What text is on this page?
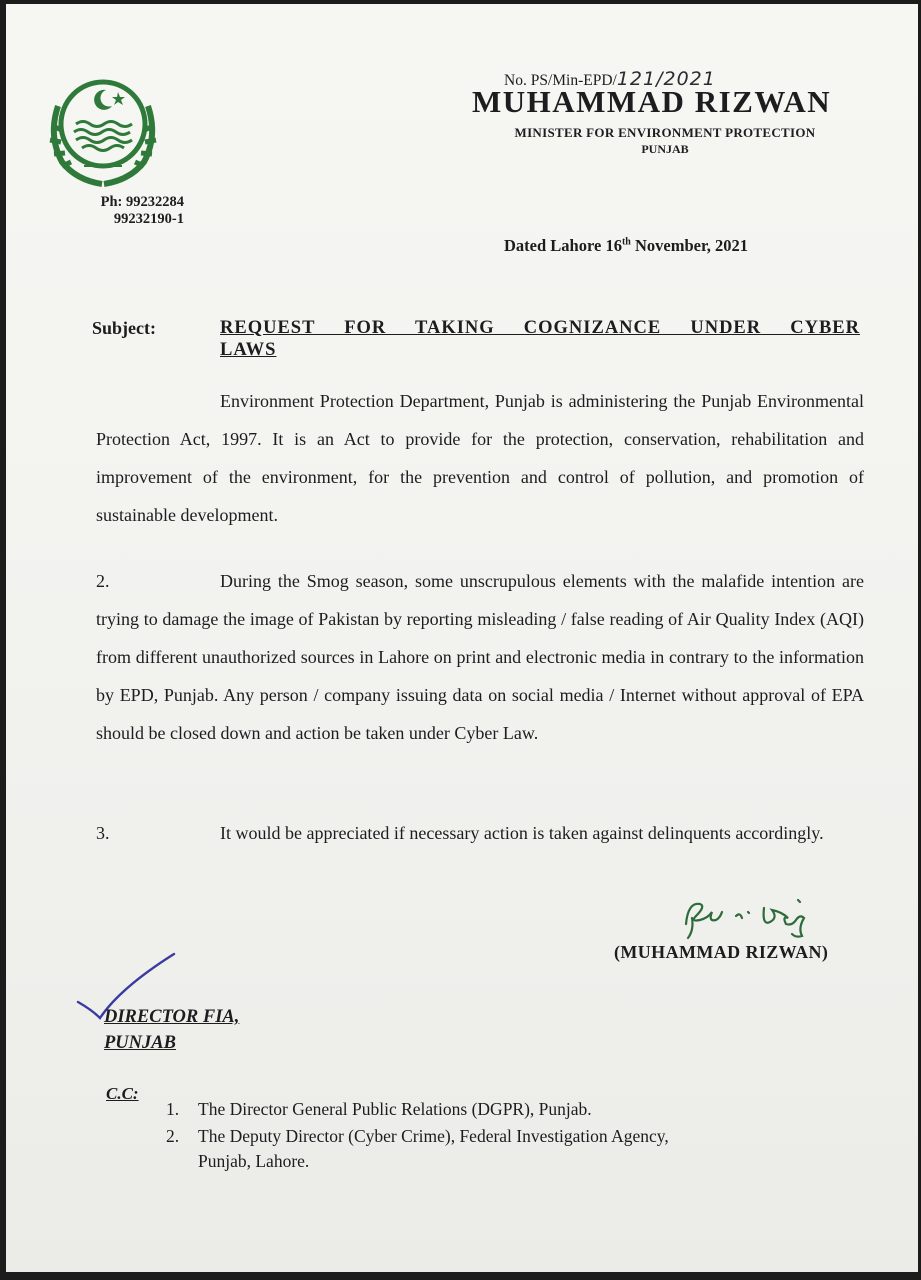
Ph: 99232284
99232190-1
No. PS/Min-EPD/121/2021
MUHAMMAD RIZWAN
MINISTER FOR ENVIRONMENT PROTECTION
PUNJAB
Dated Lahore 16th November, 2021
Subject:	REQUEST FOR TAKING COGNIZANCE UNDER CYBER
LAWS

Environment Protection Department, Punjab is administering the Punjab Environmental Protection Act, 1997. It is an Act to provide for the protection, conservation, rehabilitation and improvement of the environment, for the prevention and control of pollution, and promotion of sustainable development.

2.	During the Smog season, some unscrupulous elements with the malafide intention are trying to damage the image of Pakistan by reporting misleading / false reading of Air Quality Index (AQI) from different unauthorized sources in Lahore on print and electronic media in contrary to the information by EPD, Punjab. Any person / company issuing data on social media / Internet without approval of EPA should be closed down and action be taken under Cyber Law.

3.	It would be appreciated if necessary action is taken against delinquents accordingly.

(MUHAMMAD RIZWAN)
DIRECTOR FIA,
PUNJAB
C.C:
1.	The Director General Public Relations (DGPR), Punjab.
2.	The Deputy Director (Cyber Crime), Federal Investigation Agency,
Punjab, Lahore.
